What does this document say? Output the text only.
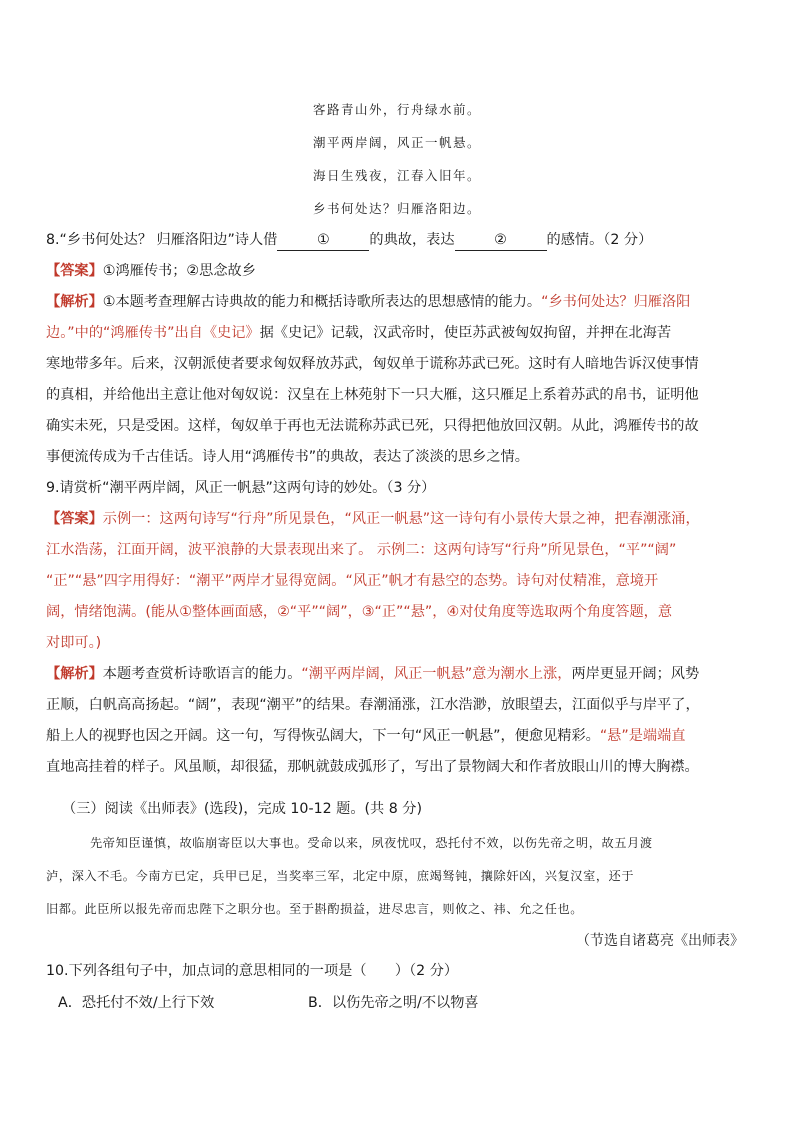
客路青山外，行舟绿水前。
潮平两岸阔，风正一帆悬。
海日生残夜，江春入旧年。
乡书何处达？归雁洛阳边。
8.“乡书何处达？ 归雁洛阳边”诗人借	①	的典故，表达	②	的感情。（2 分）
【答案】①鸿雁传书；②思念故乡
【解析】①本题考查理解古诗典故的能力和概括诗歌所表达的思想感情的能力。“乡书何处达？归雁洛阳
边。”中的“鸿雁传书”出自《史记》据《史记》记载，汉武帝时，使臣苏武被匈奴拘留，并押在北海苦
寒地带多年。后来，汉朝派使者要求匈奴释放苏武，匈奴单于谎称苏武已死。这时有人暗地告诉汉使事情
的真相，并给他出主意让他对匈奴说：汉皇在上林苑射下一只大雁，这只雁足上系着苏武的帛书，证明他
确实未死，只是受困。这样，匈奴单于再也无法谎称苏武已死，只得把他放回汉朝。从此，鸿雁传书的故
事便流传成为千古佳话。诗人用“鸿雁传书”的典故，表达了淡淡的思乡之情。
9.请赏析“潮平两岸阔，风正一帆悬”这两句诗的妙处。（3 分）
【答案】示例一：这两句诗写“行舟”所见景色，“风正一帆悬”这一诗句有小景传大景之神，把春潮涨涌，
江水浩荡，江面开阔，波平浪静的大景表现出来了。 示例二：这两句诗写“行舟”所见景色，“平”“阔”
“正”“悬”四字用得好：“潮平”两岸才显得宽阔。“风正”帆才有悬空的态势。诗句对仗精准，意境开
阔，情绪饱满。(能从①整体画面感，②“平”“阔”，③“正”“悬”，④对仗角度等选取两个角度答题，意
对即可。)
【解析】本题考查赏析诗歌语言的能力。“潮平两岸阔，风正一帆悬”意为潮水上涨，两岸更显开阔；风势
正顺，白帆高高扬起。“阔”，表现“潮平”的结果。春潮涌涨，江水浩渺，放眼望去，江面似乎与岸平了，
船上人的视野也因之开阔。这一句，写得恢弘阔大，下一句“风正一帆悬”，便愈见精彩。“悬”是端端直
直地高挂着的样子。风虽顺，却很猛，那帆就鼓成弧形了，写出了景物阔大和作者放眼山川的博大胸襟。
（三）阅读《出师表》(选段)，完成 10-12 题。(共 8 分)
先帝知臣谨慎，故临崩寄臣以大事也。受命以来，夙夜忧叹，恐托付不效，以伤先帝之明，故五月渡
泸，深入不毛。今南方已定，兵甲已足，当奖率三军，北定中原，庶竭驽钝，攘除奸凶，兴复汉室，还于
旧都。此臣所以报先帝而忠陛下之职分也。至于斟酌损益，进尽忠言，则攸之、祎、允之任也。
（节选自诸葛亮《出师表》
10.下列各组句子中，加点词的意思相同的一项是（　　）（2 分）
A．恐托付不效/上行下效	B．以伤先帝之明/不以物喜
